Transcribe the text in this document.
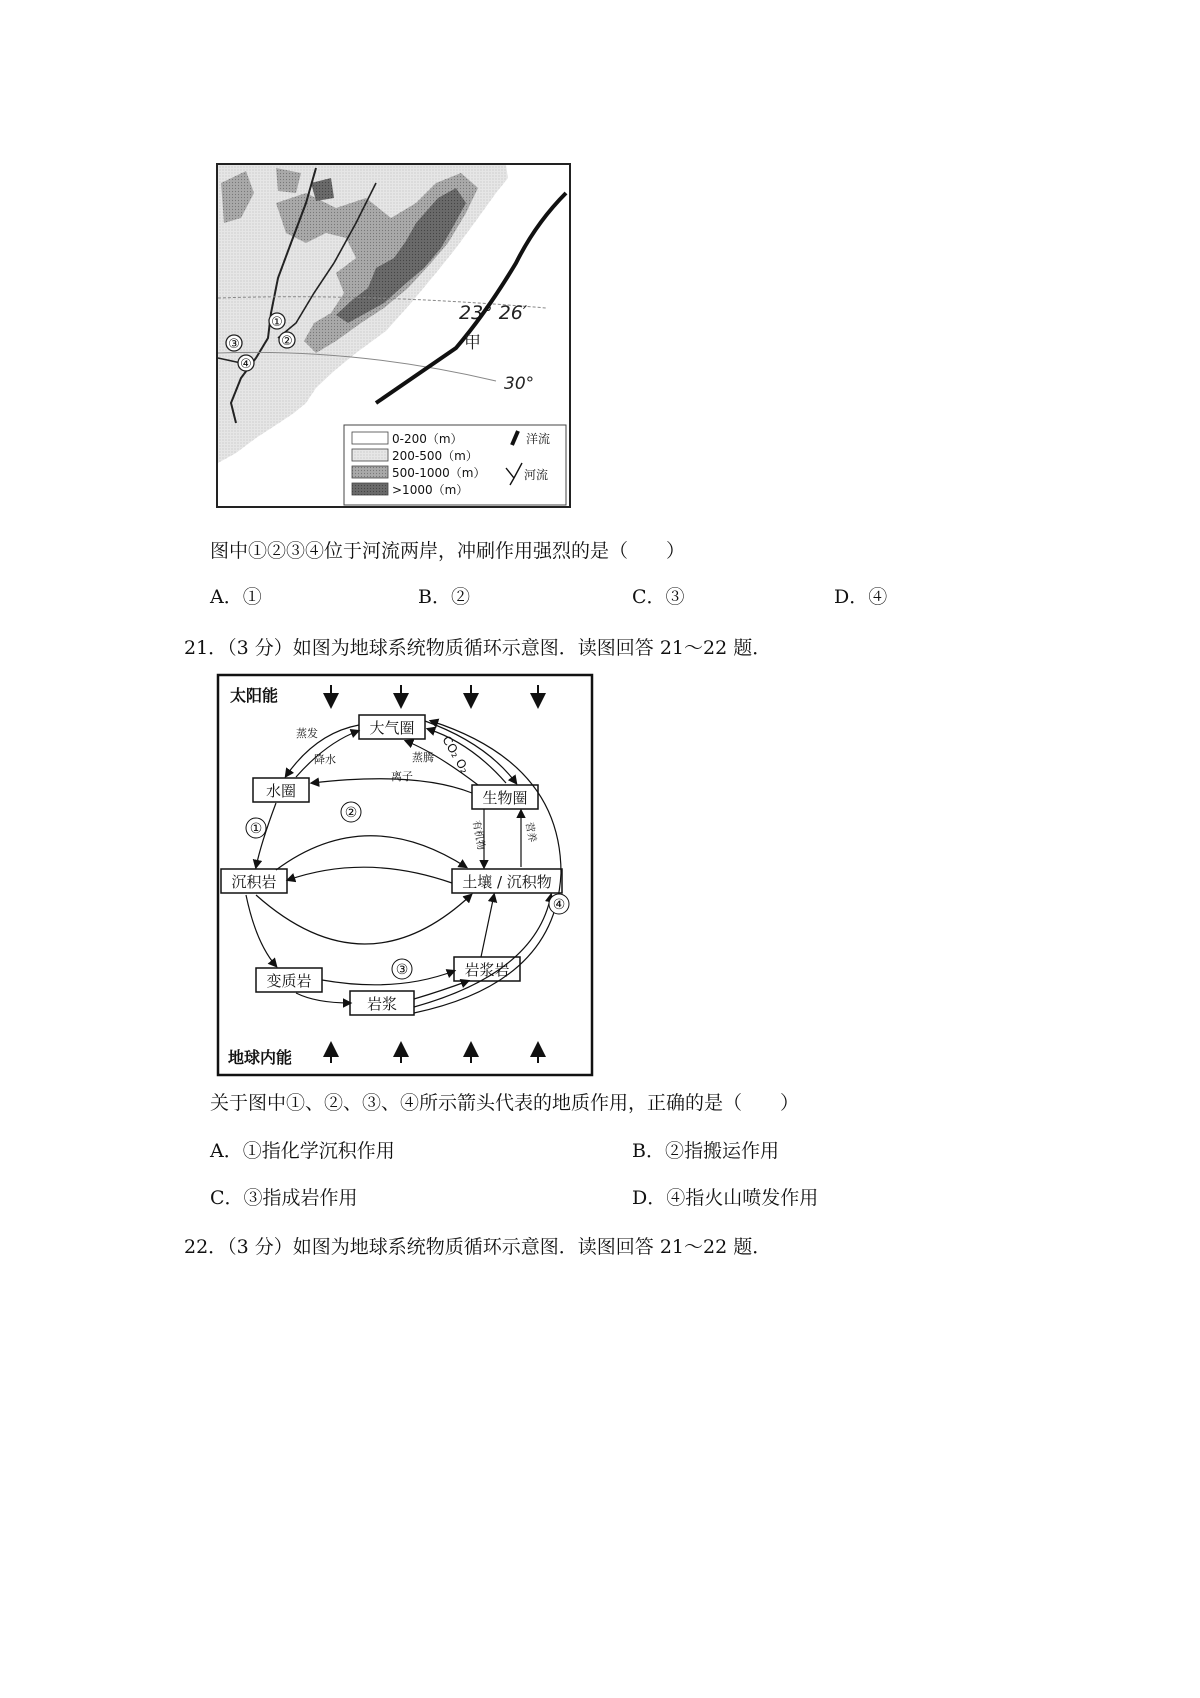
23° 26′
30°
甲
①
②
③
④
0-200（m）
200-500（m）
500-1000（m）
>1000（m）
洋流
河流
图中①②③④位于河流两岸，冲刷作用强烈的是（　　）
A．①	B．②	C．③	D．④
21．（3 分）如图为地球系统物质循环示意图．读图回答 21～22 题．
太阳能
地球内能
大气圈
水圈	生物圈
沉积岩	土壤 / 沉积物
变质岩
岩浆岩
岩浆
蒸发
降水
离子
蒸腾 CO₂ O₂
有机物	营养
①
②
③
④
关于图中①、②、③、④所示箭头代表的地质作用，正确的是（　　）
A．①指化学沉积作用	B．②指搬运作用
C．③指成岩作用	D．④指火山喷发作用
22．（3 分）如图为地球系统物质循环示意图．读图回答 21～22 题．
